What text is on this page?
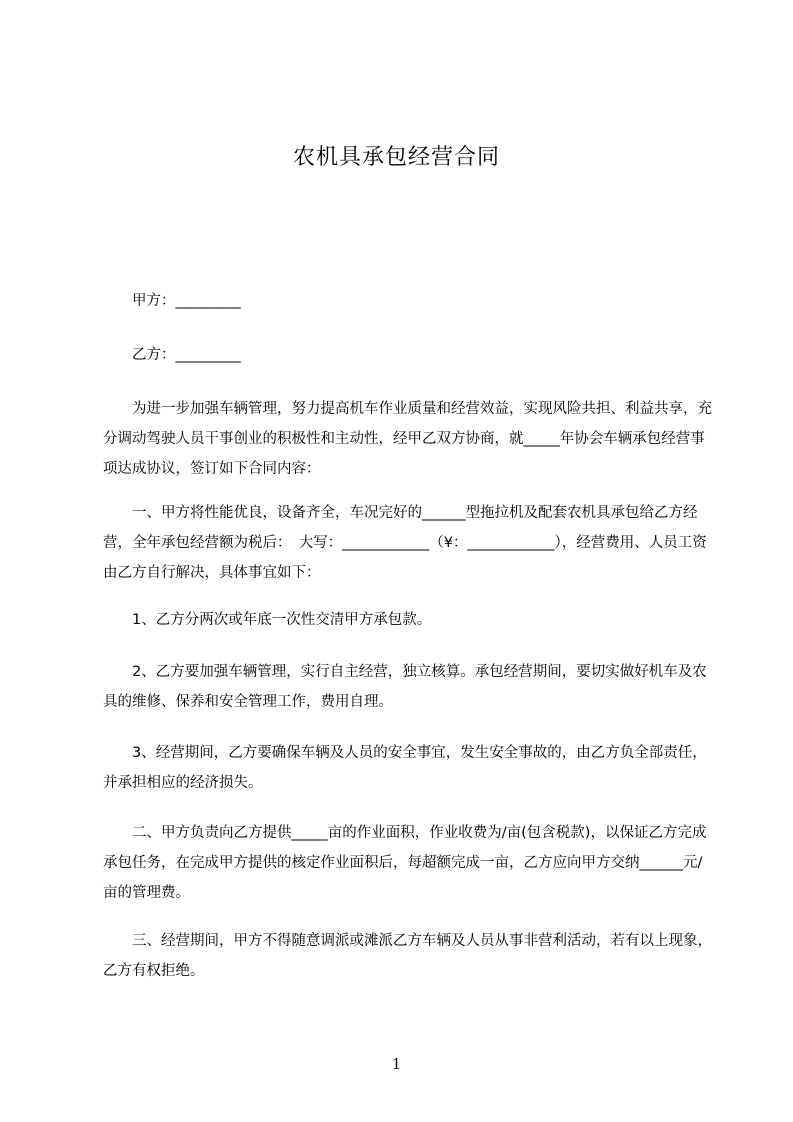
农机具承包经营合同

甲方：_________

乙方：_________

为进一步加强车辆管理，努力提高机车作业质量和经营效益，实现风险共担、利益共享，充分调动驾驶人员干事创业的积极性和主动性，经甲乙双方协商，就_____年协会车辆承包经营事项达成协议，签订如下合同内容：

一、甲方将性能优良，设备齐全，车况完好的______型拖拉机及配套农机具承包给乙方经营，全年承包经营额为税后：　大写：____________（¥：____________），经营费用、人员工资由乙方自行解决，具体事宜如下：

1、乙方分两次或年底一次性交清甲方承包款。

2、乙方要加强车辆管理，实行自主经营，独立核算。承包经营期间，要切实做好机车及农具的维修、保养和安全管理工作，费用自理。

3、经营期间，乙方要确保车辆及人员的安全事宜，发生安全事故的，由乙方负全部责任，并承担相应的经济损失。

二、甲方负责向乙方提供_____亩的作业面积，作业收费为/亩(包含税款)，以保证乙方完成承包任务，在完成甲方提供的核定作业面积后，每超额完成一亩，乙方应向甲方交纳______元/亩的管理费。

三、经营期间，甲方不得随意调派或滩派乙方车辆及人员从事非营利活动，若有以上现象，乙方有权拒绝。

1
